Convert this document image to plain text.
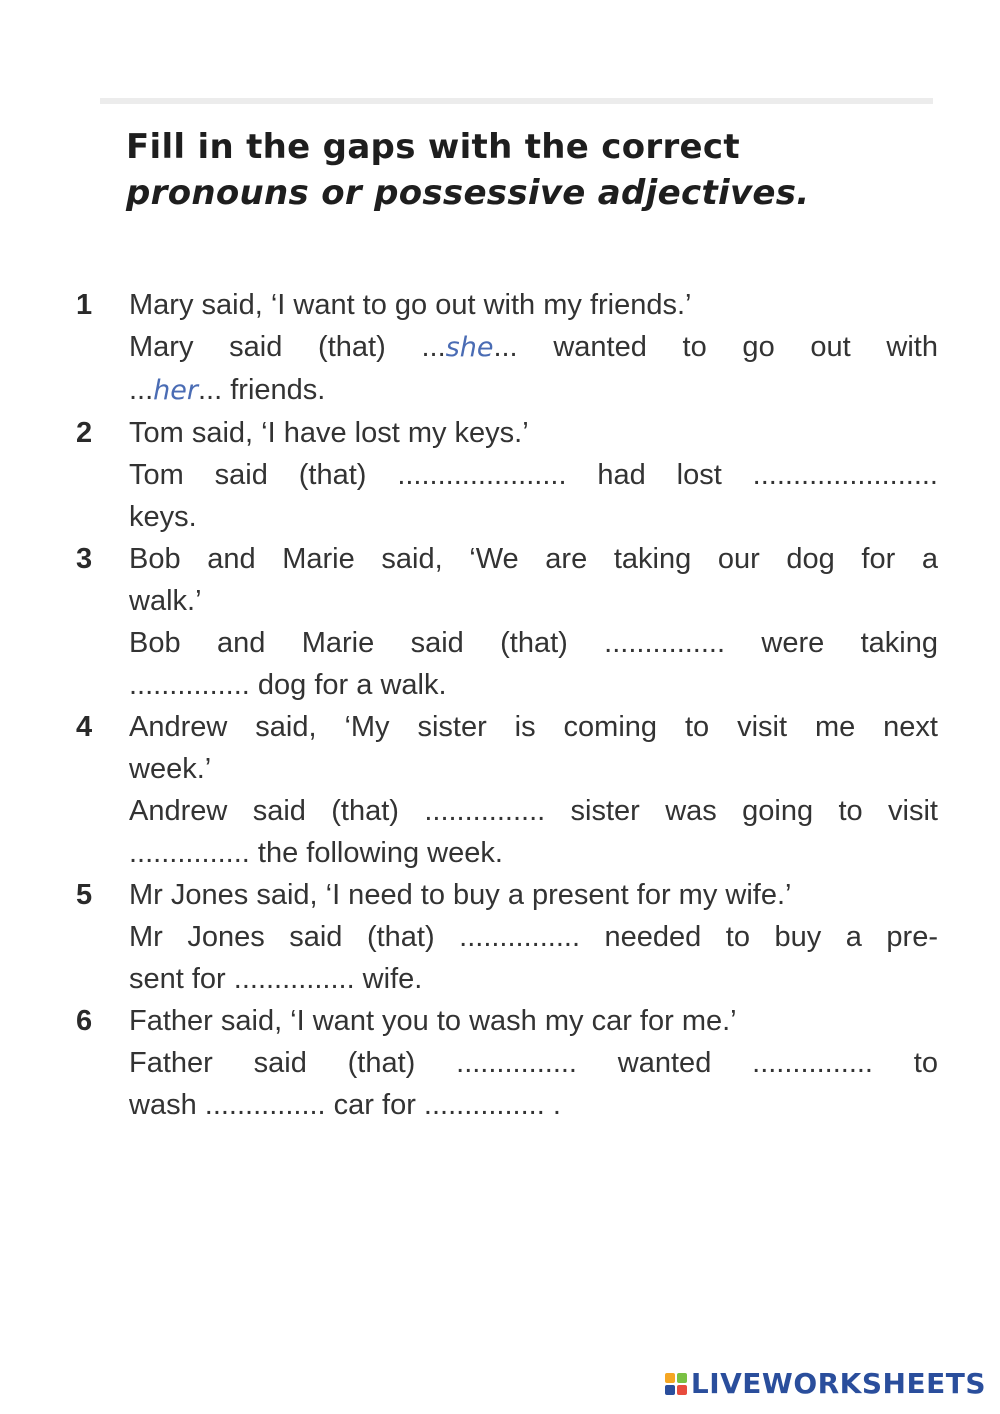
Fill in the gaps with the correct
pronouns or possessive adjectives.
1	Mary said, ‘I want to go out with my friends.’
Mary said (that) ...she... wanted to go out with
...her... friends.
2	Tom said, ‘I have lost my keys.’
Tom said (that) ..................... had lost .......................
keys.
3	Bob and Marie said, ‘We are taking our dog for a
walk.’
Bob and Marie said (that) ............... were taking
............... dog for a walk.
4	Andrew said, ‘My sister is coming to visit me next
week.’
Andrew said (that) ............... sister was going to visit
............... the following week.
5	Mr Jones said, ‘I need to buy a present for my wife.’
Mr Jones said (that) ............... needed to buy a pre-
sent for ............... wife.
6	Father said, ‘I want you to wash my car for me.’
Father said (that) ............... wanted ............... to
wash ............... car for ............... .
LIVEWORKSHEETS
